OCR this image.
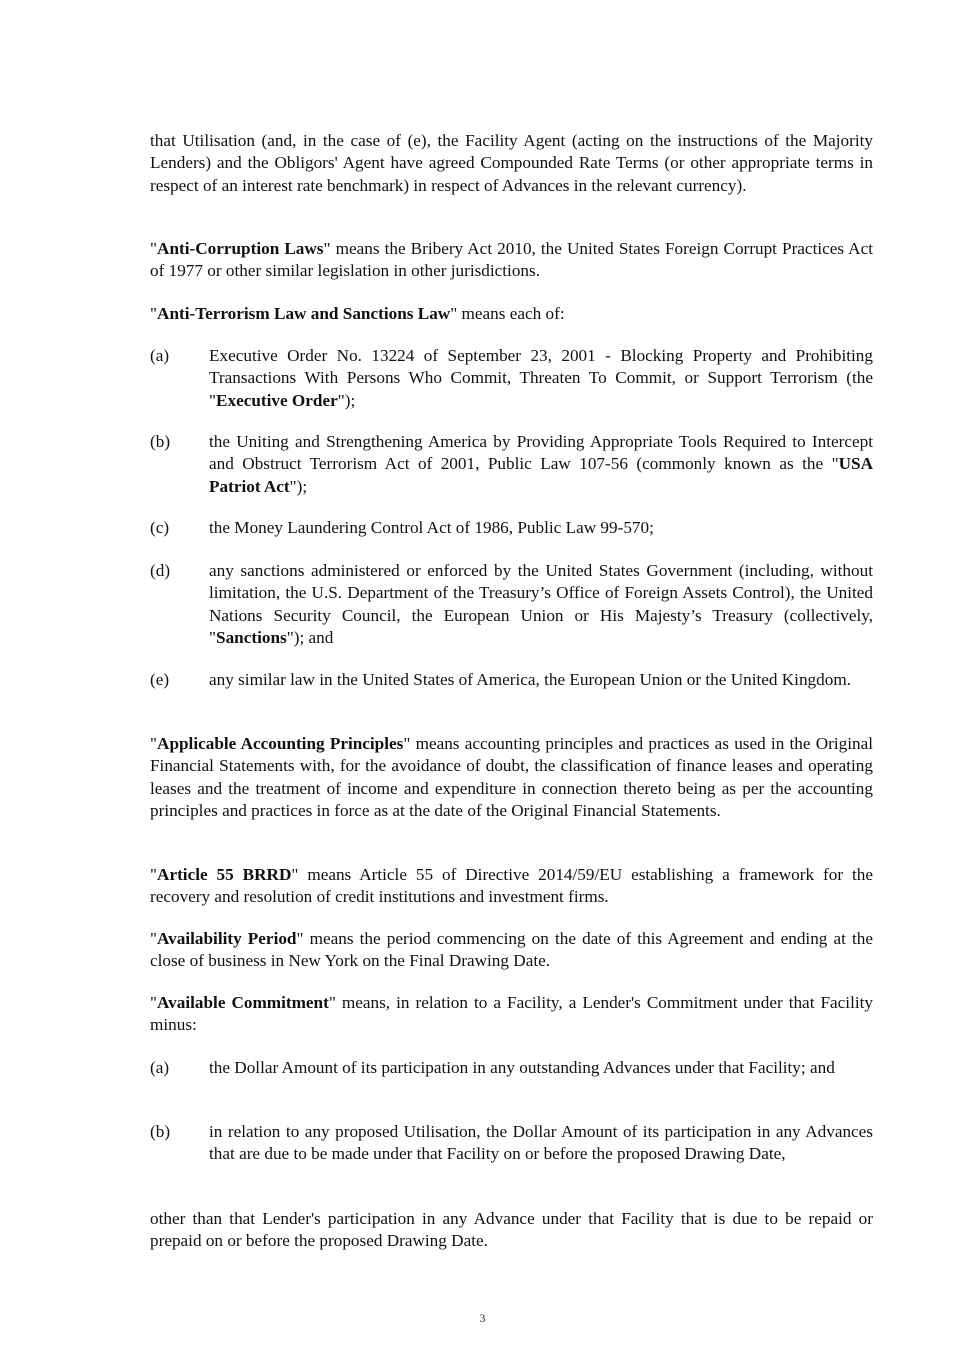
that Utilisation (and, in the case of (e), the Facility Agent (acting on the instructions of the Majority Lenders) and the Obligors' Agent have agreed Compounded Rate Terms (or other appropriate terms in respect of an interest rate benchmark) in respect of Advances in the relevant currency).

"Anti-Corruption Laws" means the Bribery Act 2010, the United States Foreign Corrupt Practices Act of 1977 or other similar legislation in other jurisdictions.

"Anti-Terrorism Law and Sanctions Law" means each of:

(a) Executive Order No. 13224 of September 23, 2001 - Blocking Property and Prohibiting Transactions With Persons Who Commit, Threaten To Commit, or Support Terrorism (the "Executive Order");
(b) the Uniting and Strengthening America by Providing Appropriate Tools Required to Intercept and Obstruct Terrorism Act of 2001, Public Law 107-56 (commonly known as the "USA Patriot Act");
(c) the Money Laundering Control Act of 1986, Public Law 99-570;
(d) any sanctions administered or enforced by the United States Government (including, without limitation, the U.S. Department of the Treasury’s Office of Foreign Assets Control), the United Nations Security Council, the European Union or His Majesty’s Treasury (collectively, "Sanctions"); and
(e) any similar law in the United States of America, the European Union or the United Kingdom.

"Applicable Accounting Principles" means accounting principles and practices as used in the Original Financial Statements with, for the avoidance of doubt, the classification of finance leases and operating leases and the treatment of income and expenditure in connection thereto being as per the accounting principles and practices in force as at the date of the Original Financial Statements.

"Article 55 BRRD" means Article 55 of Directive 2014/59/EU establishing a framework for the recovery and resolution of credit institutions and investment firms.

"Availability Period" means the period commencing on the date of this Agreement and ending at the close of business in New York on the Final Drawing Date.

"Available Commitment" means, in relation to a Facility, a Lender's Commitment under that Facility minus:

(a) the Dollar Amount of its participation in any outstanding Advances under that Facility; and
(b) in relation to any proposed Utilisation, the Dollar Amount of its participation in any Advances that are due to be made under that Facility on or before the proposed Drawing Date,

other than that Lender's participation in any Advance under that Facility that is due to be repaid or prepaid on or before the proposed Drawing Date.

3
